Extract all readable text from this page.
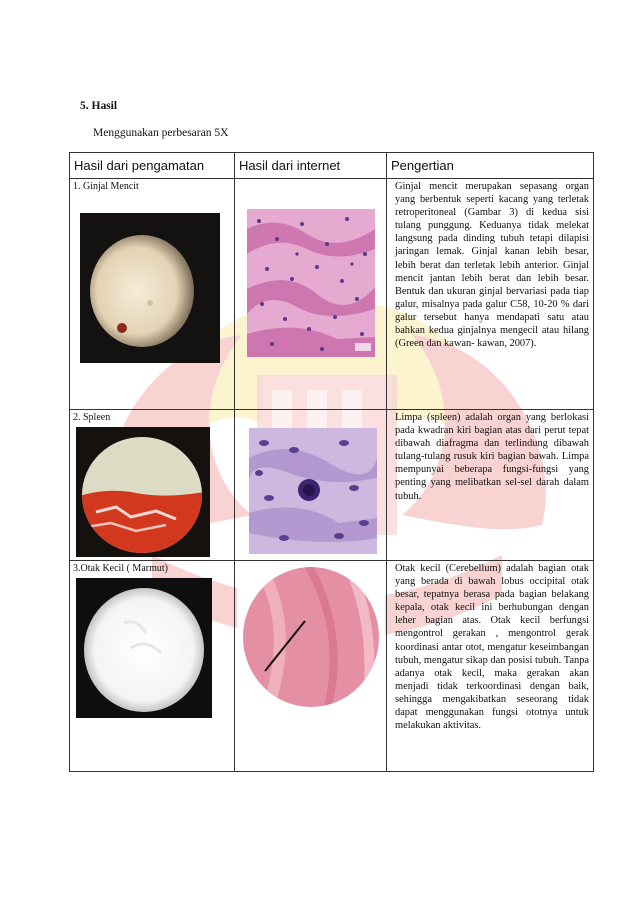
5. Hasil
Menggunakan perbesaran 5X
Hasil dari pengamatan	Hasil dari internet	Pengertian

1. Ginjal Mencit		Ginjal mencit merupakan sepasang organ yang berbentuk seperti kacang yang terletak retroperitoneal (Gambar 3) di kedua sisi tulang punggung. Keduanya tidak melekat langsung pada dinding tubuh tetapi dilapisi jaringan lemak. Ginjal kanan lebih besar, lebih berat dan terletak lebih anterior. Ginjal mencit jantan lebih berat dan lebih besar. Bentuk dan ukuran ginjal bervariasi pada tiap galur, misalnya pada galur C58, 10-20 % dari galur tersebut hanya mendapati satu atau bahkan kedua ginjalnya mengecil atau hilang (Green dan kawan- kawan, 2007).

2. Spleen		Limpa (spleen) adalah organ yang berlokasi pada kwadran kiri bagian atas dari perut tepat dibawah diafragma dan terlindung dibawah tulang-tulang rusuk kiri bagian bawah. Limpa mempunyai beberapa fungsi-fungsi yang penting yang melibatkan sel-sel darah dalam tubuh.

3.Otak Kecil ( Marmut)		Otak kecil (Cerebellum) adalah bagian otak yang berada di bawah lobus occipital otak besar, tepatnya berasa pada bagian belakang kepala, otak kecil ini berhubungan dengan leher bagian atas. Otak kecil berfungsi mengontrol gerakan , mengontrol gerak koordinasi antar otot, mengatur keseimbangan tubuh, mengatur sikap dan posisi tubuh. Tanpa adanya otak kecil, maka gerakan akan menjadi tidak terkoordinasi dengan baik, sehingga mengakibatkan seseorang tidak dapat menggunakan fungsi ototnya untuk melakukan aktivitas.
